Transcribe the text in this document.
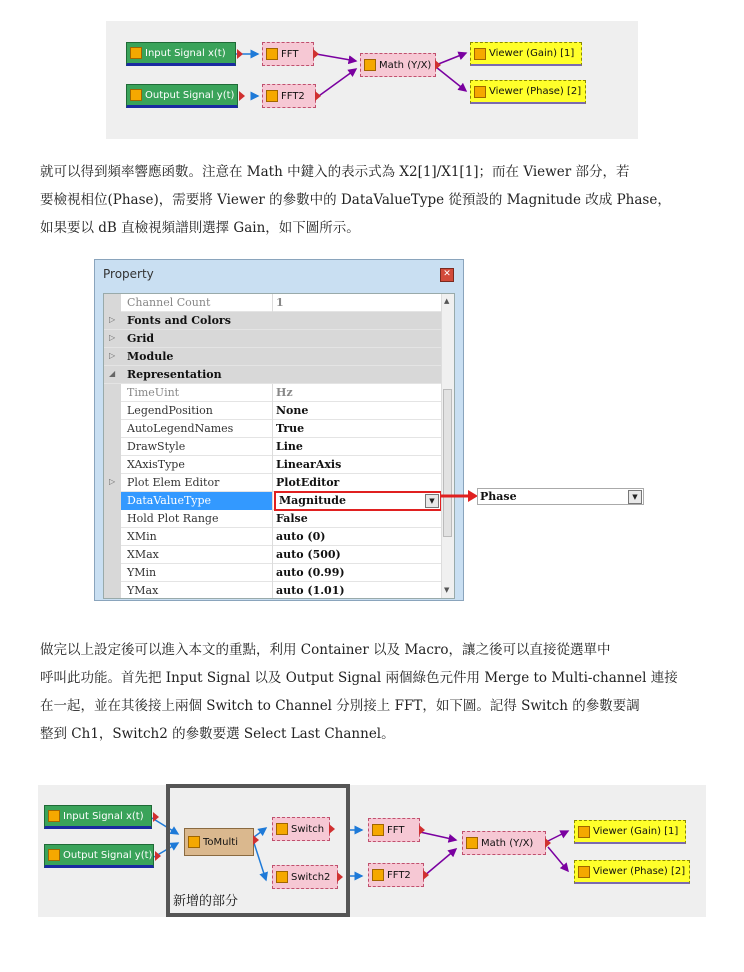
Input Signal x(t)
Output Signal y(t)
FFT
FFT2
Math (Y/X)
Viewer (Gain) [1]
Viewer (Phase) [2]
就可以得到頻率響應函數。注意在 Math 中鍵入的表示式為 X2[1]/X1[1]；而在 Viewer 部分，若
要檢視相位(Phase)，需要將 Viewer 的參數中的 DataValueType 從預設的 Magnitude 改成 Phase，
如果要以 dB 直檢視頻譜則選擇 Gain，如下圖所示。
Property	✕
Channel Count	1
▷ Fonts and Colors
▷ Grid
▷ Module
◢ Representation
TimeUint	Hz
LegendPosition	None
AutoLegendNames	True
DrawStyle	Line
XAxisType	LinearAxis
▷ Plot Elem Editor	PlotEditor
DataValueType	Magnitude	▼
Hold Plot Range	False
XMin	auto (0)
XMax	auto (500)
YMin	auto (0.99)
YMax	auto (1.01)
▲
▼
Phase	▼
做完以上設定後可以進入本文的重點，利用 Container 以及 Macro，讓之後可以直接從選單中
呼叫此功能。首先把 Input Signal 以及 Output Signal 兩個綠色元件用 Merge to Multi-channel 連接
在一起，並在其後接上兩個 Switch to Channel 分別接上 FFT，如下圖。記得 Switch 的參數要調
整到 Ch1，Switch2 的參數要選 Select Last Channel。
Input Signal x(t)
Output Signal y(t)
ToMulti
Switch
Switch2
FFT
FFT2
Math (Y/X)
Viewer (Gain) [1]
Viewer (Phase) [2]
新增的部分
